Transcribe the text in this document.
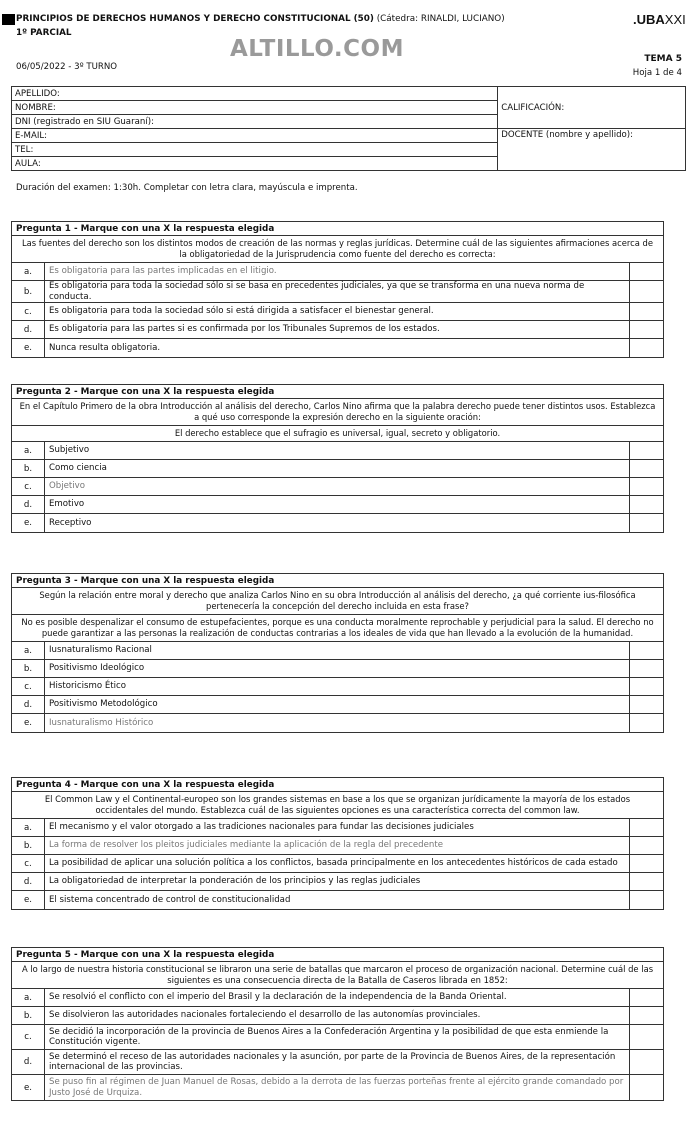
PRINCIPIOS DE DERECHOS HUMANOS Y DERECHO CONSTITUCIONAL (50) (Cátedra: RINALDI, LUCIANO)
1º PARCIAL
.UBAXXI
ALTILLO.COM
06/05/2022 - 3º TURNO
TEMA 5
Hoja 1 de 4
APELLIDO:	CALIFICACIÓN:
NOMBRE:	
DNI (registrado en SIU Guaraní):	
E-MAIL:	DOCENTE (nombre y apellido):
TEL:	
AULA:	
Duración del examen: 1:30h. Completar con letra clara, mayúscula e imprenta.
Pregunta 1 - Marque con una X la respuesta elegida
Las fuentes del derecho son los distintos modos de creación de las normas y reglas jurídicas. Determine cuál de las siguientes afirmaciones acerca de la obligatoriedad de la Jurisprudencia como fuente del derecho es correcta:
a.	Es obligatoria para las partes implicadas en el litigio.
b.
Es obligatoria para toda la sociedad sólo si se basa en precedentes judiciales, ya que se transforma en una nueva norma de conducta.
c.	Es obligatoria para toda la sociedad sólo si está dirigida a satisfacer el bienestar general.
d.	Es obligatoria para las partes si es confirmada por los Tribunales Supremos de los estados.
e.	Nunca resulta obligatoria.
Pregunta 2 - Marque con una X la respuesta elegida
En el Capítulo Primero de la obra Introducción al análisis del derecho, Carlos Nino afirma que la palabra derecho puede tener distintos usos. Establezca a qué uso corresponde la expresión derecho en la siguiente oración:
El derecho establece que el sufragio es universal, igual, secreto y obligatorio.
a.	Subjetivo
b.	Como ciencia
c.	Objetivo
d.	Emotivo
e.	Receptivo
Pregunta 3 - Marque con una X la respuesta elegida
Según la relación entre moral y derecho que analiza Carlos Nino en su obra Introducción al análisis del derecho, ¿a qué corriente ius-filosófica pertenecería la concepción del derecho incluida en esta frase?
No es posible despenalizar el consumo de estupefacientes, porque es una conducta moralmente reprochable y perjudicial para la salud. El derecho no puede garantizar a las personas la realización de conductas contrarias a los ideales de vida que han llevado a la evolución de la humanidad.
a.	Iusnaturalismo Racional
b.	Positivismo Ideológico
c.	Historicismo Ético
d.	Positivismo Metodológico
e.	Iusnaturalismo Histórico
Pregunta 4 - Marque con una X la respuesta elegida
El Common Law y el Continental-europeo son los grandes sistemas en base a los que se organizan jurídicamente la mayoría de los estados occidentales del mundo. Establezca cuál de las siguientes opciones es una característica correcta del common law.
a.	El mecanismo y el valor otorgado a las tradiciones nacionales para fundar las decisiones judiciales
b.	La forma de resolver los pleitos judiciales mediante la aplicación de la regla del precedente
c.	La posibilidad de aplicar una solución política a los conflictos, basada principalmente en los antecedentes históricos de cada estado
d.	La obligatoriedad de interpretar la ponderación de los principios y las reglas judiciales
e.	El sistema concentrado de control de constitucionalidad
Pregunta 5 - Marque con una X la respuesta elegida
A lo largo de nuestra historia constitucional se libraron una serie de batallas que marcaron el proceso de organización nacional. Determine cuál de las siguientes es una consecuencia directa de la Batalla de Caseros librada en 1852:
a.	Se resolvió el conflicto con el imperio del Brasil y la declaración de la independencia de la Banda Oriental.
b.	Se disolvieron las autoridades nacionales fortaleciendo el desarrollo de las autonomías provinciales.
c.
Se decidió la incorporación de la provincia de Buenos Aires a la Confederación Argentina y la posibilidad de que esta enmiende la Constitución vigente.
d.
Se determinó el receso de las autoridades nacionales y la asunción, por parte de la Provincia de Buenos Aires, de la representación internacional de las provincias.
e.
Se puso fin al régimen de Juan Manuel de Rosas, debido a la derrota de las fuerzas porteñas frente al ejército grande comandado por Justo José de Urquiza.
